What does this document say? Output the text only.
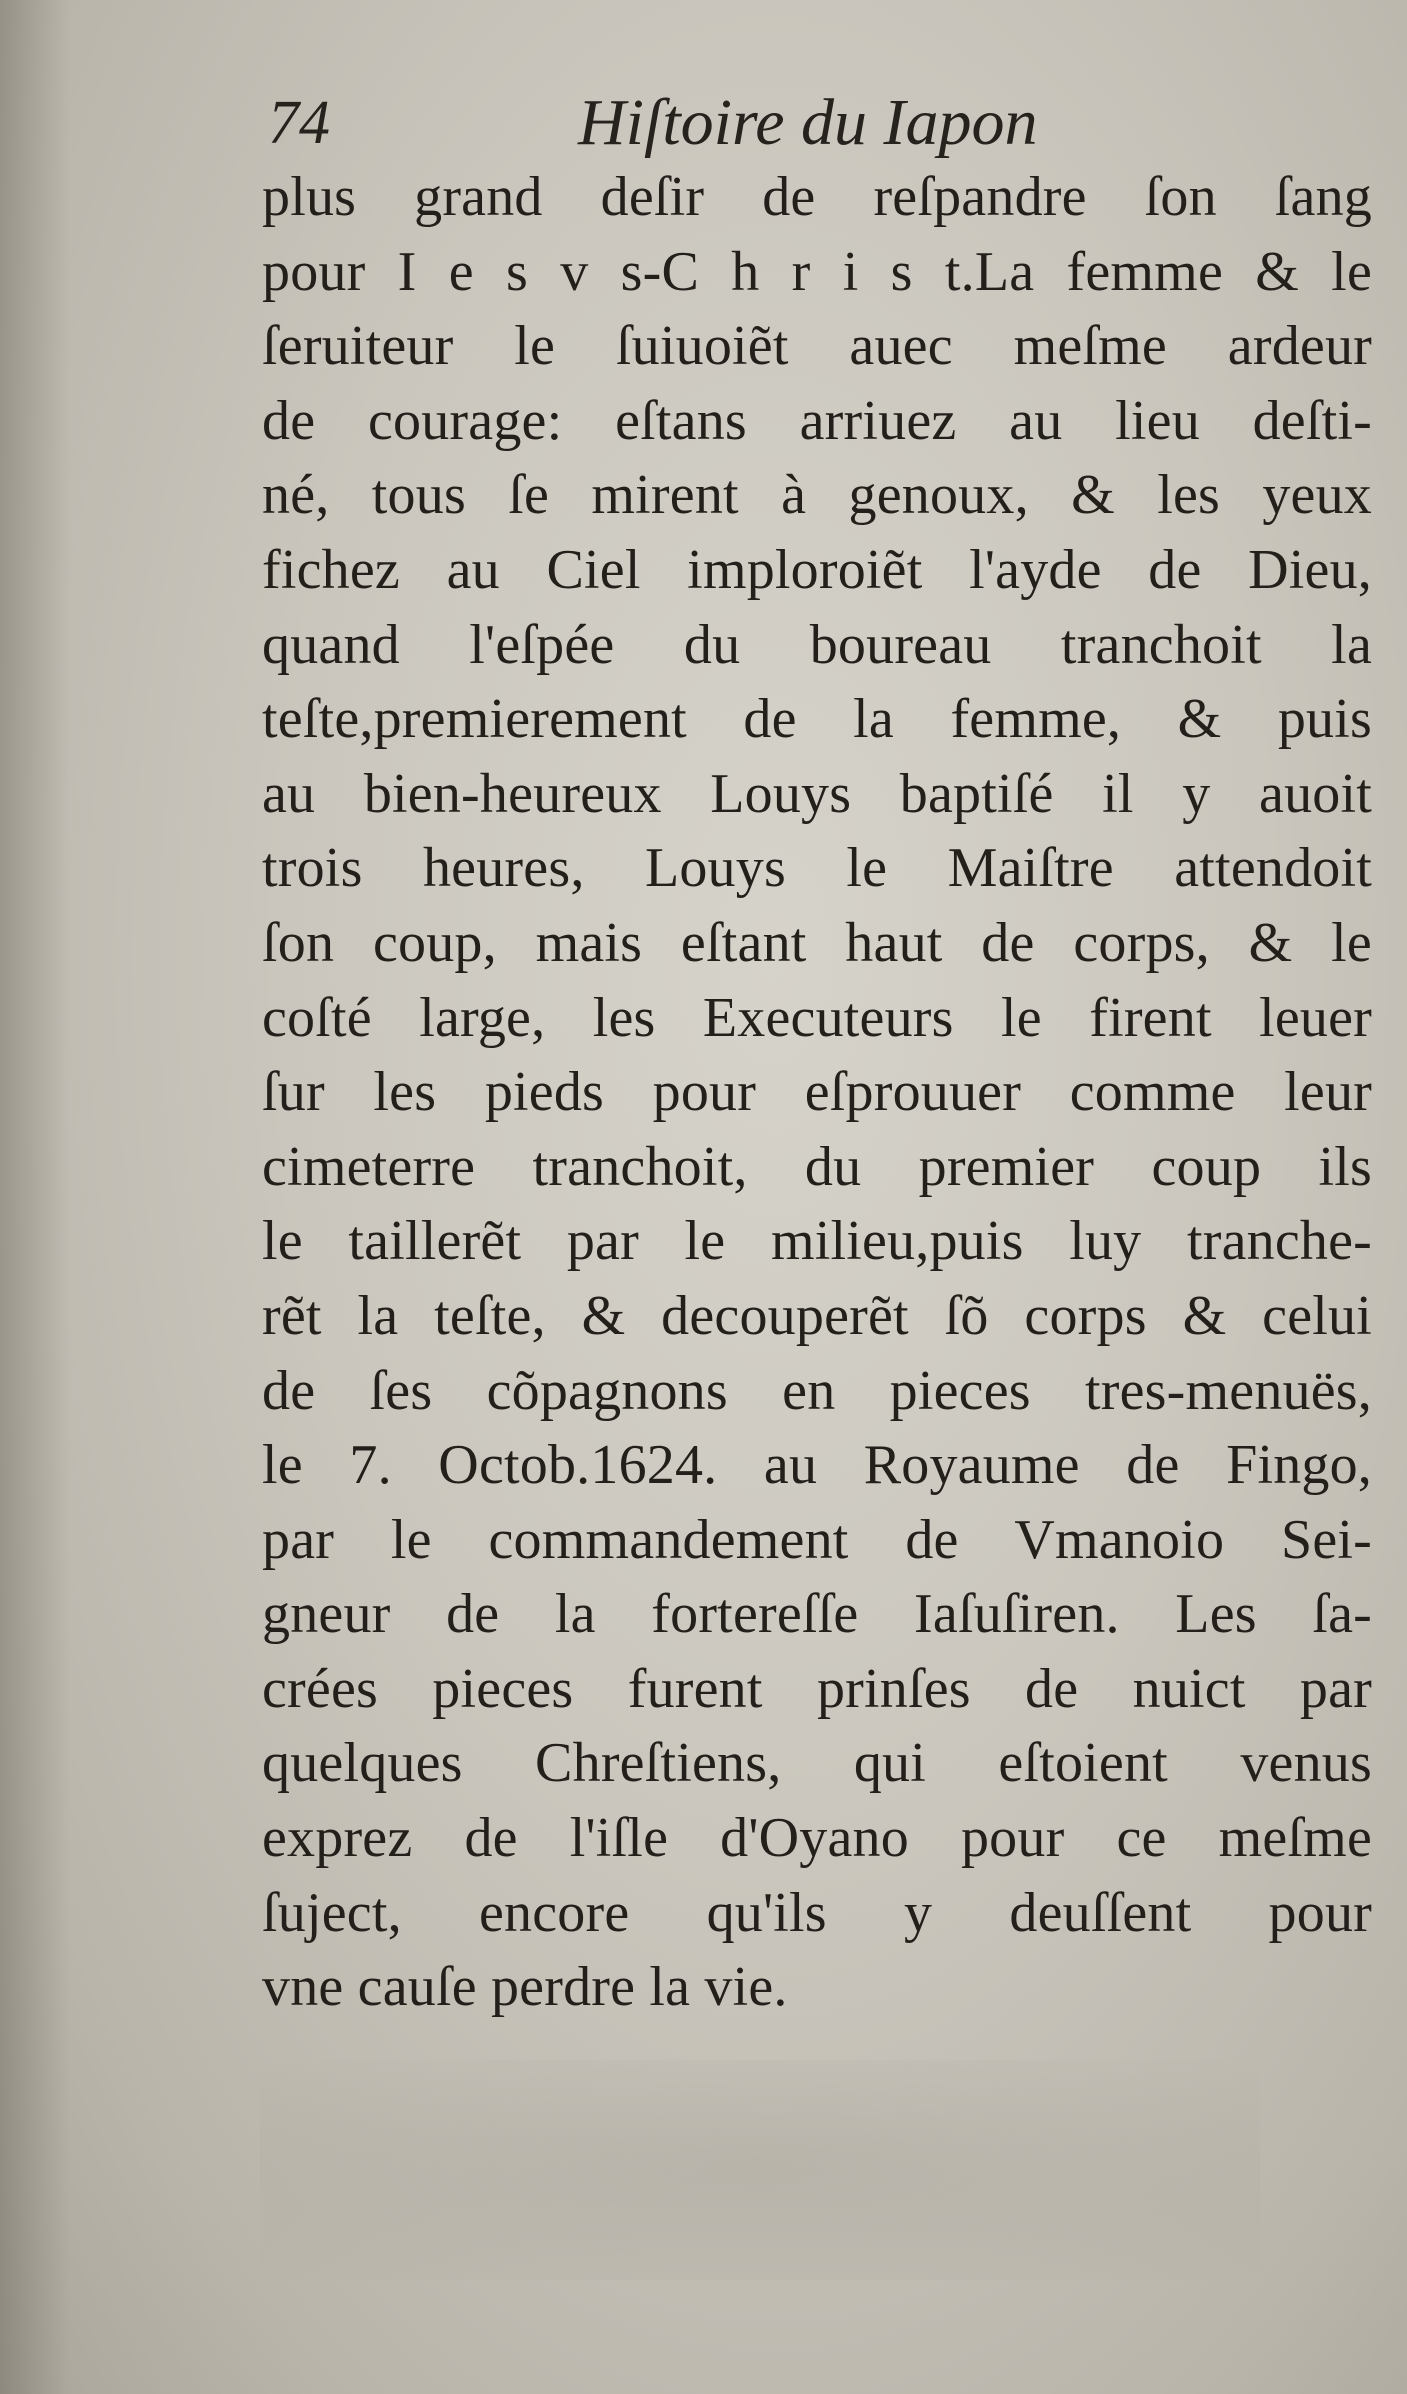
74	Hiſtoire du Iapon
plus grand deſir de reſpandre ſon ſang
pour I e s v s-C h r i s t.La femme & le
ſeruiteur le ſuiuoiẽt auec meſme ardeur
de courage: eſtans arriuez au lieu deſti-
né, tous ſe mirent à genoux, & les yeux
fichez au Ciel imploroiẽt l'ayde de Dieu,
quand l'eſpée du boureau tranchoit la
teſte,premierement de la femme, & puis
au bien-heureux Louys baptiſé il y auoit
trois heures, Louys le Maiſtre attendoit
ſon coup, mais eſtant haut de corps, & le
coſté large, les Executeurs le firent leuer
ſur les pieds pour eſprouuer comme leur
cimeterre tranchoit, du premier coup ils
le taillerẽt par le milieu,puis luy tranche-
rẽt la teſte, & decouperẽt ſõ corps & celui
de ſes cõpagnons en pieces tres-menuës,
le 7. Octob.1624. au Royaume de Fingo,
par le commandement de Vmanoio Sei-
gneur de la fortereſſe Iaſuſiren. Les ſa-
crées pieces furent prinſes de nuict par
quelques Chreſtiens, qui eſtoient venus
exprez de l'iſle d'Oyano pour ce meſme
ſuject, encore qu'ils y deuſſent pour
vne cauſe perdre la vie.
